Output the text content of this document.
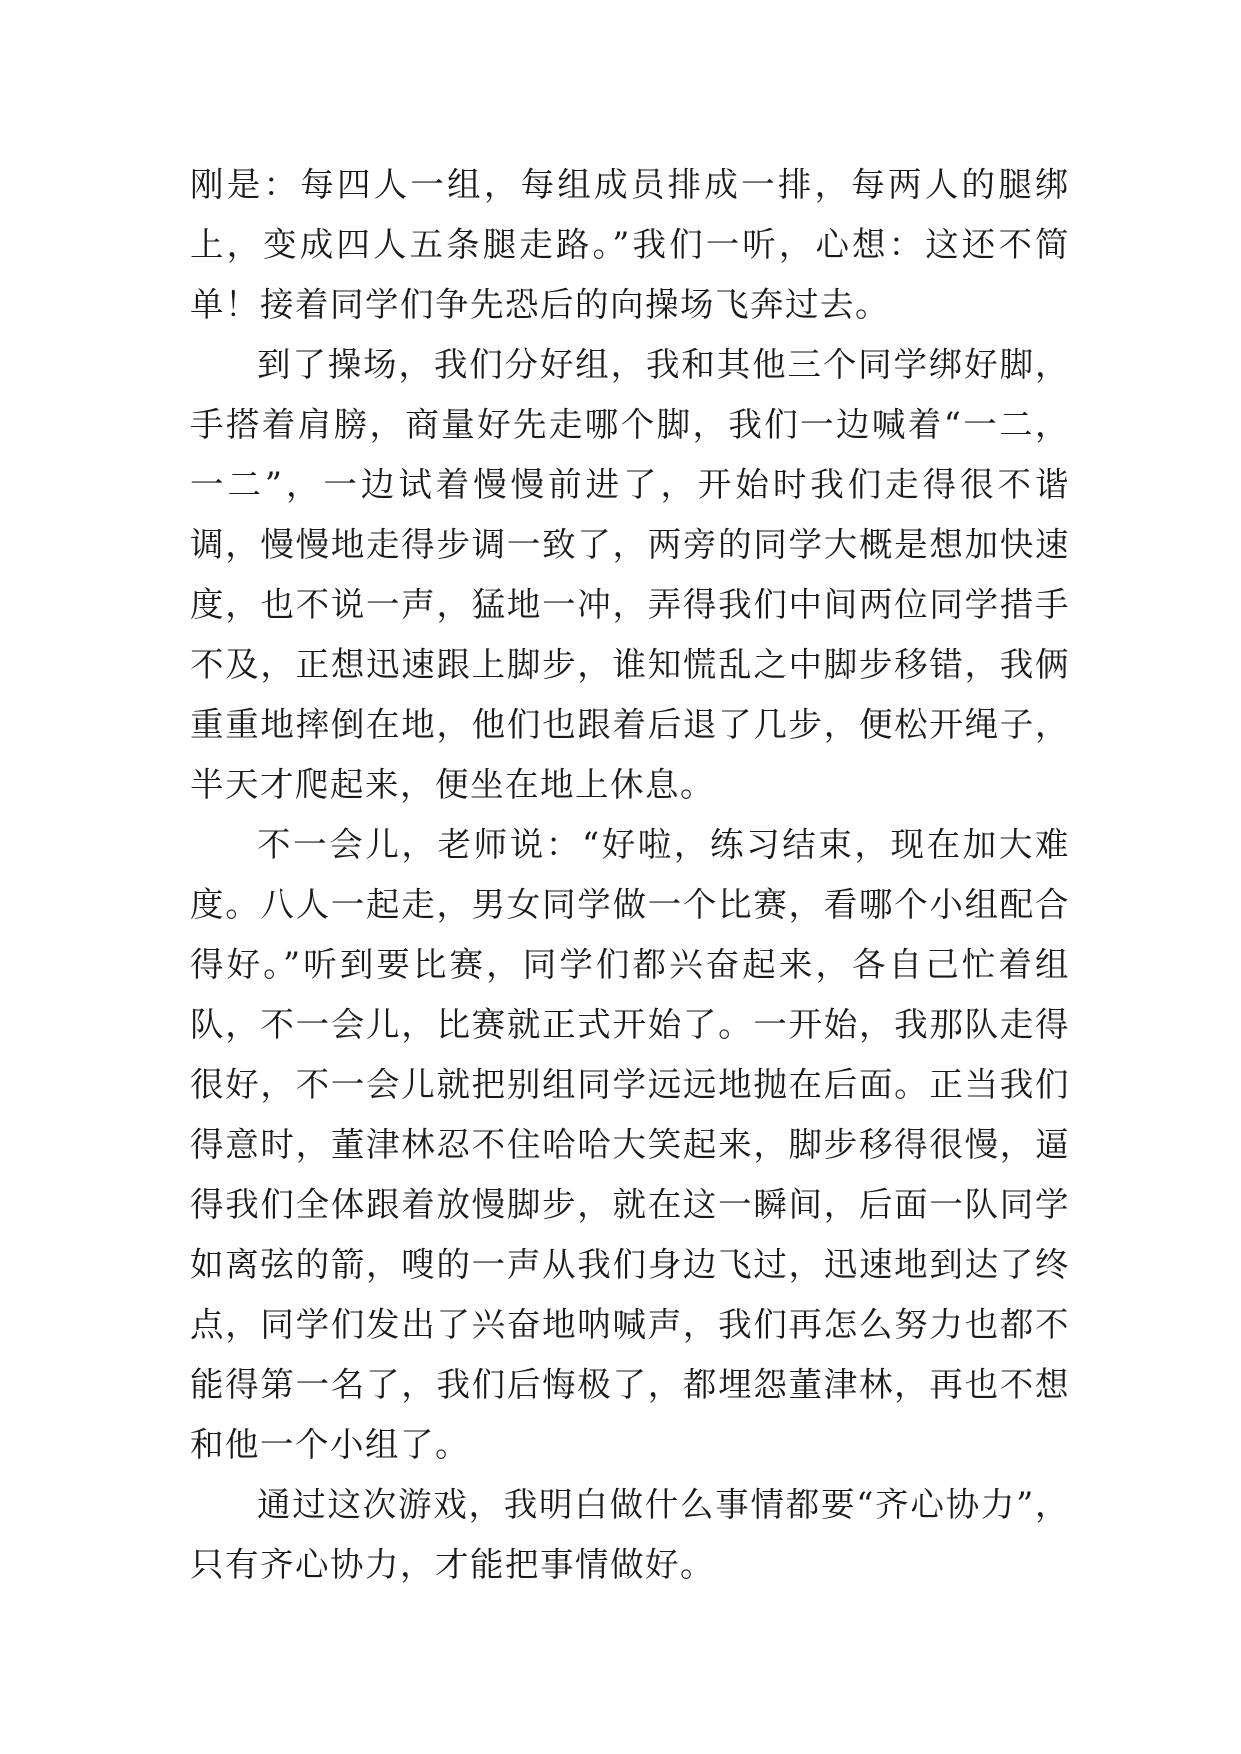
刚是：每四人一组，每组成员排成一排，每两人的腿绑上，变成四人五条腿走路。”我们一听，心想：这还不简单！接着同学们争先恐后的向操场飞奔过去。

到了操场，我们分好组，我和其他三个同学绑好脚，手搭着肩膀，商量好先走哪个脚，我们一边喊着“一二，一二”，一边试着慢慢前进了，开始时我们走得很不谐调，慢慢地走得步调一致了，两旁的同学大概是想加快速度，也不说一声，猛地一冲，弄得我们中间两位同学措手不及，正想迅速跟上脚步，谁知慌乱之中脚步移错，我俩重重地摔倒在地，他们也跟着后退了几步，便松开绳子，半天才爬起来，便坐在地上休息。

不一会儿，老师说：“好啦，练习结束，现在加大难度。八人一起走，男女同学做一个比赛，看哪个小组配合得好。”听到要比赛，同学们都兴奋起来，各自己忙着组队，不一会儿，比赛就正式开始了。一开始，我那队走得很好，不一会儿就把别组同学远远地抛在后面。正当我们得意时，董津林忍不住哈哈大笑起来，脚步移得很慢，逼得我们全体跟着放慢脚步，就在这一瞬间，后面一队同学如离弦的箭，嗖的一声从我们身边飞过，迅速地到达了终点，同学们发出了兴奋地呐喊声，我们再怎么努力也都不能得第一名了，我们后悔极了，都埋怨董津林，再也不想和他一个小组了。

通过这次游戏，我明白做什么事情都要“齐心协力”，只有齐心协力，才能把事情做好。
